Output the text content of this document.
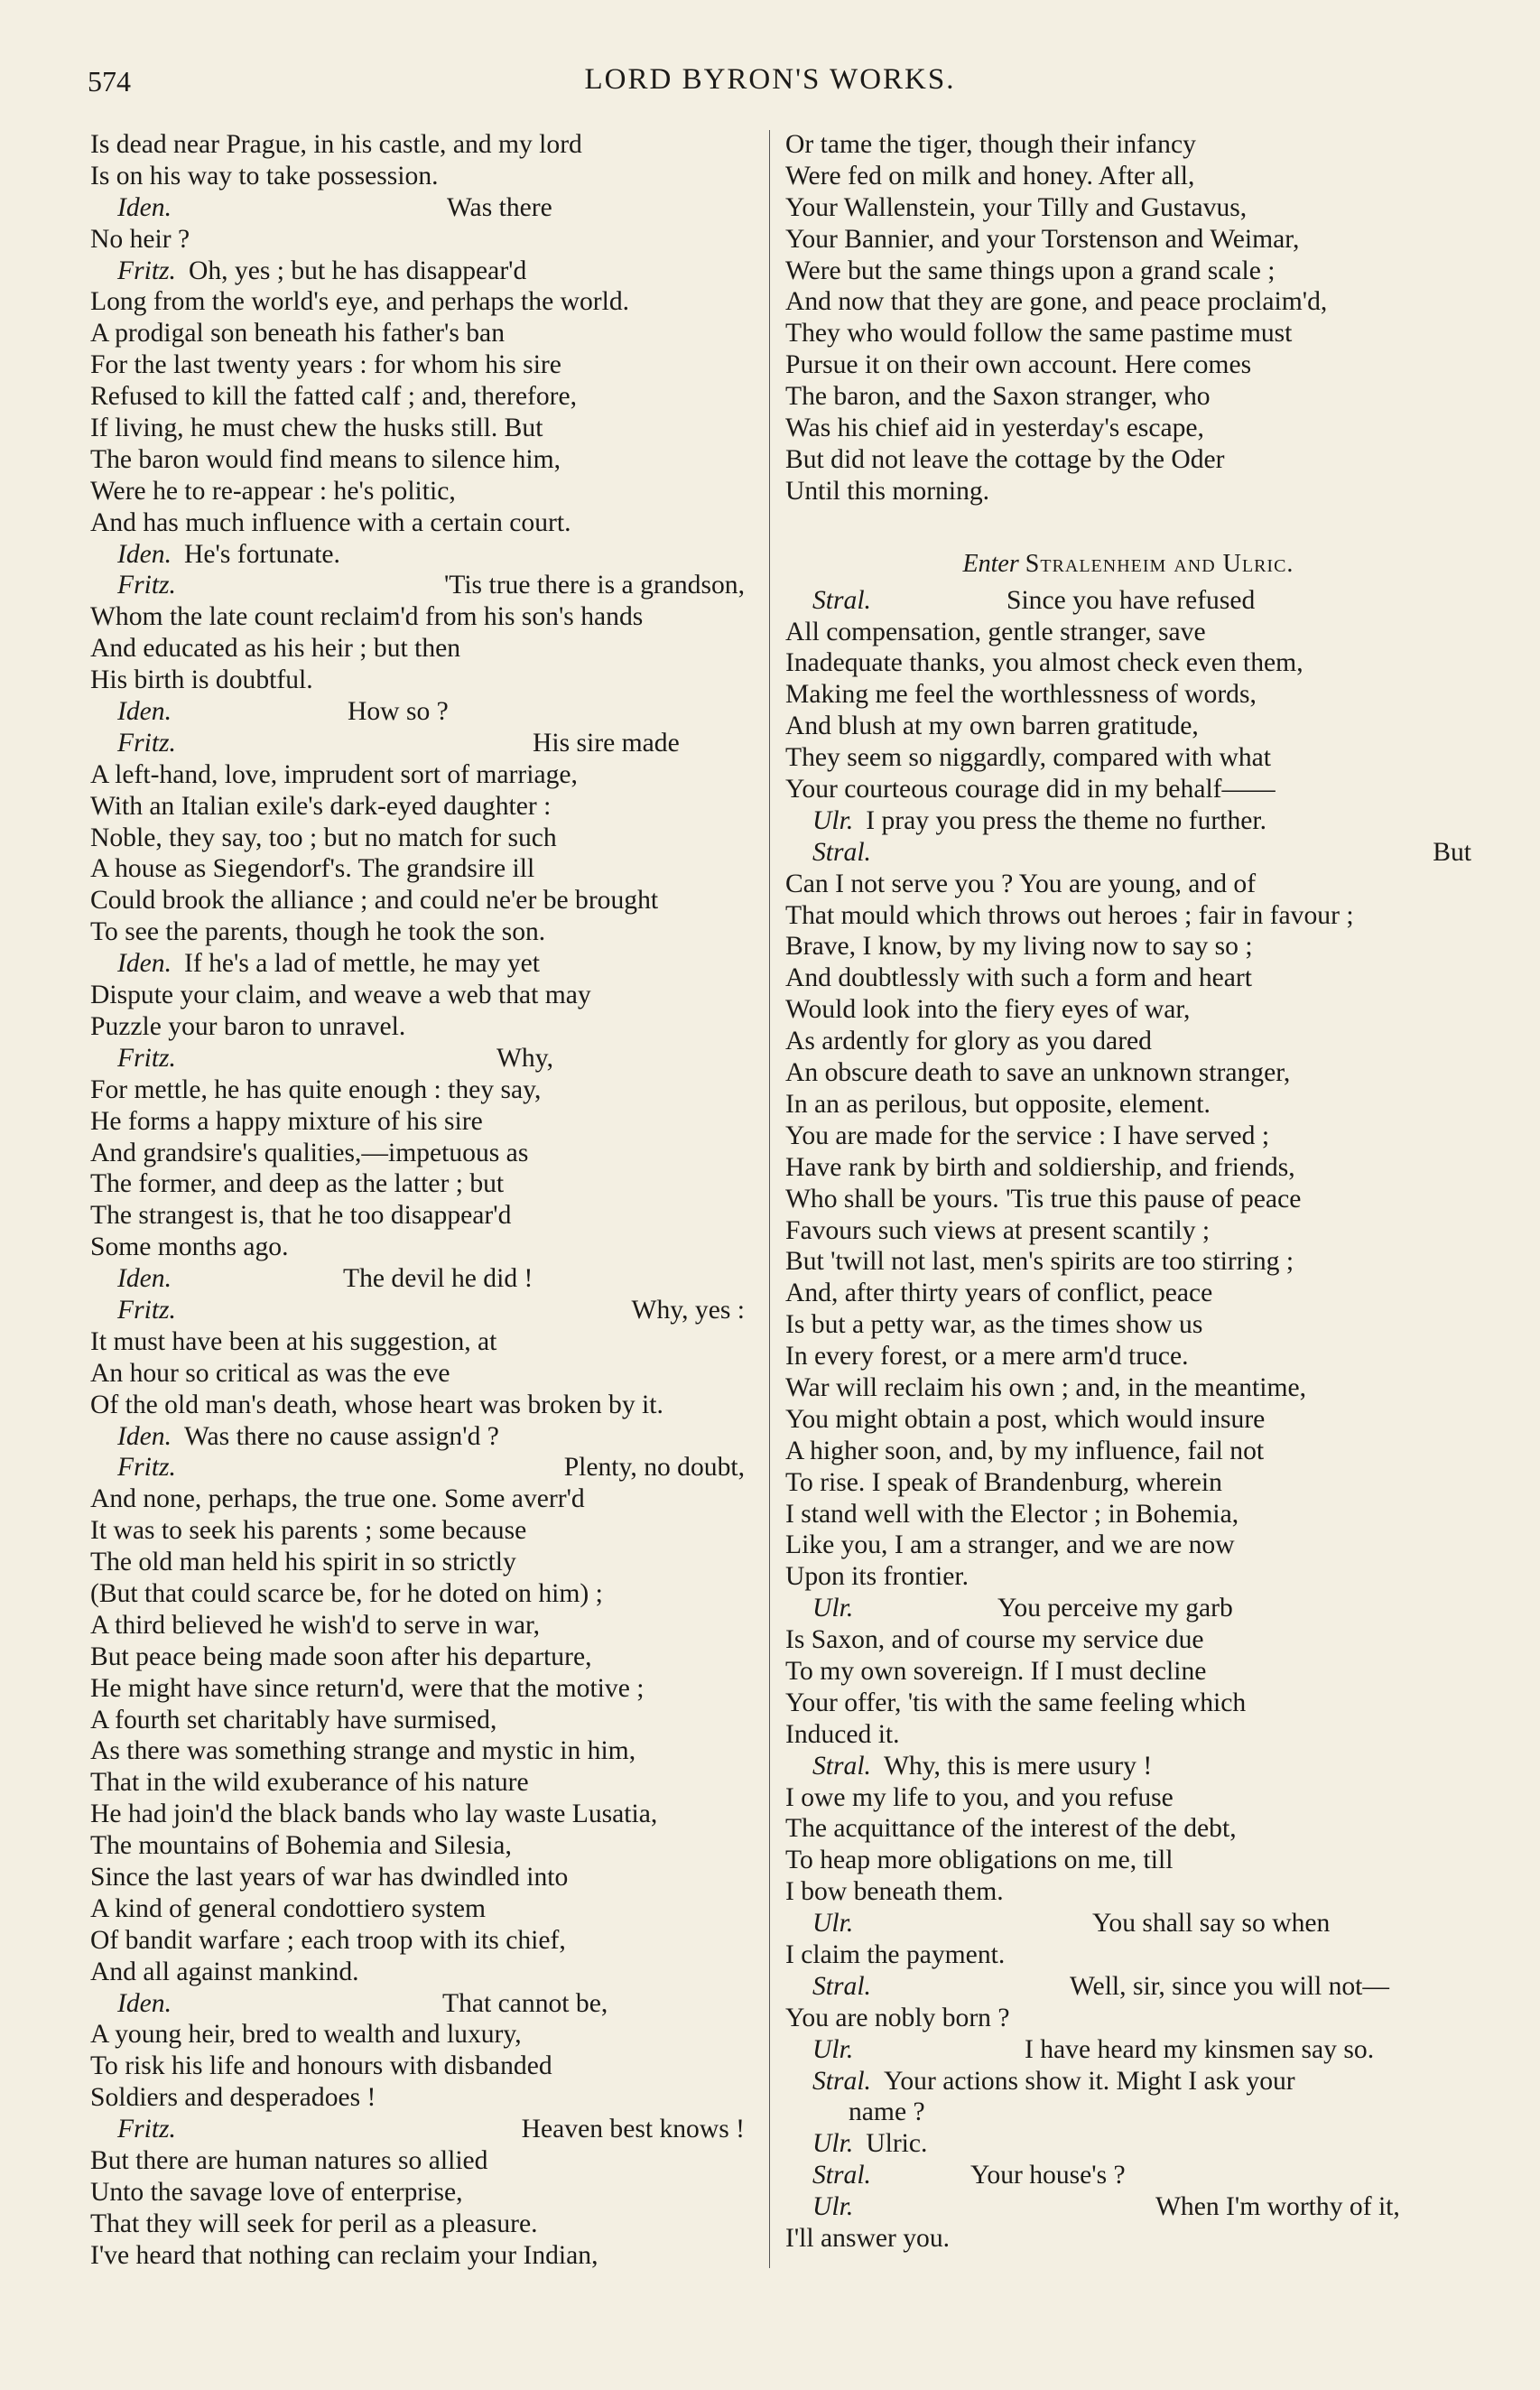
574	LORD BYRON'S WORKS.
Is dead near Prague, in his castle, and my lord
Is on his way to take possession.
Iden.	Was there
No heir ?
Fritz. Oh, yes ; but he has disappear'd
Long from the world's eye, and perhaps the world.
A prodigal son beneath his father's ban
For the last twenty years : for whom his sire
Refused to kill the fatted calf ; and, therefore,
If living, he must chew the husks still. But
The baron would find means to silence him,
Were he to re-appear : he's politic,
And has much influence with a certain court.
Iden. He's fortunate.
Fritz.	'Tis true there is a grandson,
Whom the late count reclaim'd from his son's hands
And educated as his heir ; but then
His birth is doubtful.
Iden.	How so ?
Fritz.	His sire made
A left-hand, love, imprudent sort of marriage,
With an Italian exile's dark-eyed daughter :
Noble, they say, too ; but no match for such
A house as Siegendorf's. The grandsire ill
Could brook the alliance ; and could ne'er be brought
To see the parents, though he took the son.
Iden. If he's a lad of mettle, he may yet
Dispute your claim, and weave a web that may
Puzzle your baron to unravel.
Fritz.	Why,
For mettle, he has quite enough : they say,
He forms a happy mixture of his sire
And grandsire's qualities,—impetuous as
The former, and deep as the latter ; but
The strangest is, that he too disappear'd
Some months ago.
Iden.	The devil he did !
Fritz.	Why, yes :
It must have been at his suggestion, at
An hour so critical as was the eve
Of the old man's death, whose heart was broken by it.
Iden. Was there no cause assign'd ?
Fritz.	Plenty, no doubt,
And none, perhaps, the true one. Some averr'd
It was to seek his parents ; some because
The old man held his spirit in so strictly
(But that could scarce be, for he doted on him) ;
A third believed he wish'd to serve in war,
But peace being made soon after his departure,
He might have since return'd, were that the motive ;
A fourth set charitably have surmised,
As there was something strange and mystic in him,
That in the wild exuberance of his nature
He had join'd the black bands who lay waste Lusatia,
The mountains of Bohemia and Silesia,
Since the last years of war has dwindled into
A kind of general condottiero system
Of bandit warfare ; each troop with its chief,
And all against mankind.
Iden.	That cannot be,
A young heir, bred to wealth and luxury,
To risk his life and honours with disbanded
Soldiers and desperadoes !
Fritz.	Heaven best knows !
But there are human natures so allied
Unto the savage love of enterprise,
That they will seek for peril as a pleasure.
I've heard that nothing can reclaim your Indian,
Or tame the tiger, though their infancy
Were fed on milk and honey. After all,
Your Wallenstein, your Tilly and Gustavus,
Your Bannier, and your Torstenson and Weimar,
Were but the same things upon a grand scale ;
And now that they are gone, and peace proclaim'd,
They who would follow the same pastime must
Pursue it on their own account. Here comes
The baron, and the Saxon stranger, who
Was his chief aid in yesterday's escape,
But did not leave the cottage by the Oder
Until this morning.
Enter Stralenheim and Ulric.
Stral.	Since you have refused
All compensation, gentle stranger, save
Inadequate thanks, you almost check even them,
Making me feel the worthlessness of words,
And blush at my own barren gratitude,
They seem so niggardly, compared with what
Your courteous courage did in my behalf——
Ulr. I pray you press the theme no further.
Stral.	But
Can I not serve you ? You are young, and of
That mould which throws out heroes ; fair in favour ;
Brave, I know, by my living now to say so ;
And doubtlessly with such a form and heart
Would look into the fiery eyes of war,
As ardently for glory as you dared
An obscure death to save an unknown stranger,
In an as perilous, but opposite, element.
You are made for the service : I have served ;
Have rank by birth and soldiership, and friends,
Who shall be yours. 'Tis true this pause of peace
Favours such views at present scantily ;
But 'twill not last, men's spirits are too stirring ;
And, after thirty years of conflict, peace
Is but a petty war, as the times show us
In every forest, or a mere arm'd truce.
War will reclaim his own ; and, in the meantime,
You might obtain a post, which would insure
A higher soon, and, by my influence, fail not
To rise. I speak of Brandenburg, wherein
I stand well with the Elector ; in Bohemia,
Like you, I am a stranger, and we are now
Upon its frontier.
Ulr.	You perceive my garb
Is Saxon, and of course my service due
To my own sovereign. If I must decline
Your offer, 'tis with the same feeling which
Induced it.
Stral. Why, this is mere usury !
I owe my life to you, and you refuse
The acquittance of the interest of the debt,
To heap more obligations on me, till
I bow beneath them.
Ulr.	You shall say so when
I claim the payment.
Stral.	Well, sir, since you will not—
You are nobly born ?
Ulr.	I have heard my kinsmen say so.
Stral. Your actions show it. Might I ask your
name ?
Ulr. Ulric.
Stral.	Your house's ?
Ulr.	When I'm worthy of it,
I'll answer you.
